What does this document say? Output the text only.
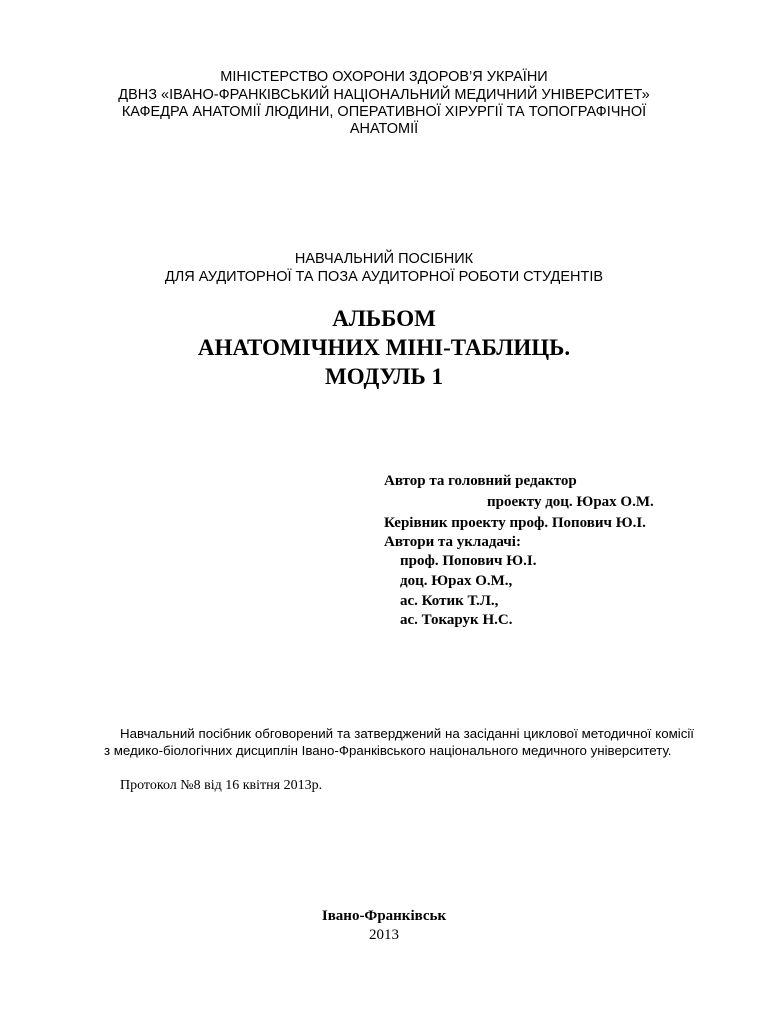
МІНІСТЕРСТВО ОХОРОНИ ЗДОРОВ’Я УКРАЇНИ
ДВНЗ «ІВАНО-ФРАНКІВСЬКИЙ НАЦІОНАЛЬНИЙ МЕДИЧНИЙ УНІВЕРСИТЕТ»
КАФЕДРА АНАТОМІЇ ЛЮДИНИ, ОПЕРАТИВНОЇ ХІРУРГІЇ ТА ТОПОГРАФІЧНОЇ
АНАТОМІЇ
НАВЧАЛЬНИЙ ПОСІБНИК
ДЛЯ АУДИТОРНОЇ ТА ПОЗА АУДИТОРНОЇ РОБОТИ СТУДЕНТІВ
АЛЬБОМ
АНАТОМІЧНИХ МІНІ-ТАБЛИЦЬ.
МОДУЛЬ 1
Автор та головний редактор
проекту доц. Юрах О.М.
Керівник проекту проф. Попович Ю.І.
Автори та укладачі:
проф. Попович Ю.І.
доц. Юрах О.М.,
ас. Котик Т.Л.,
ас. Токарук Н.С.
Навчальний посібник обговорений та затверджений на засіданні циклової методичної комісії з медико-біологічних дисциплін Івано-Франківського національного медичного університету.
Протокол №8 від 16 квітня 2013р.
Івано-Франківськ
2013
